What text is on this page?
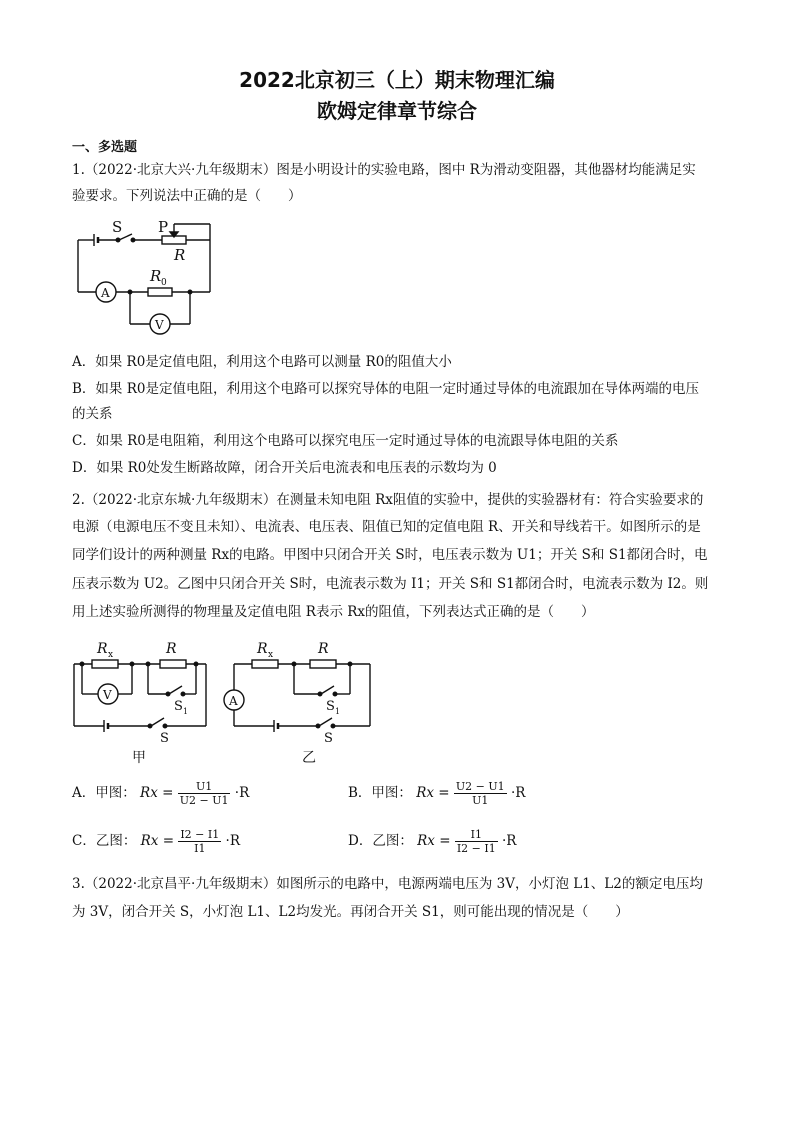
2022北京初三（上）期末物理汇编
欧姆定律章节综合
一、多选题
1.（2022·北京大兴·九年级期末）图是小明设计的实验电路，图中 R为滑动变阻器，其他器材均能满足实
验要求。下列说法中正确的是（　　）
S P
R
R 0
A
V
A．如果 R0是定值电阻，利用这个电路可以测量 R0的阻值大小
B．如果 R0是定值电阻，利用这个电路可以探究导体的电阻一定时通过导体的电流跟加在导体两端的电压
的关系
C．如果 R0是电阻箱，利用这个电路可以探究电压一定时通过导体的电流跟导体电阻的关系
D．如果 R0处发生断路故障，闭合开关后电流表和电压表的示数均为 0
2.（2022·北京东城·九年级期末）在测量未知电阻 Rx阻值的实验中，提供的实验器材有：符合实验要求的
电源（电源电压不变且未知）、电流表、电压表、阻值已知的定值电阻 R、开关和导线若干。如图所示的是
同学们设计的两种测量 Rx的电路。甲图中只闭合开关 S时，电压表示数为 U1；开关 S和 S1都闭合时，电
压表示数为 U2。乙图中只闭合开关 S时，电流表示数为 I1；开关 S和 S1都闭合时，电流表示数为 I2。则
用上述实验所测得的物理量及定值电阻 R表示 Rx的阻值，下列表达式正确的是（　　）
R x	R
V
S 1
S
甲
R x	R
A	S 1
S
乙
A．甲图： $Rx = \frac{U1}{U2 - U1} \cdot R$	B．甲图： $Rx = \frac{U2 - U1}{U1} \cdot R$
C．乙图： $Rx = \frac{I2 - I1}{I1} \cdot R$	D．乙图： $Rx = \frac{I1}{I2 - I1} \cdot R$
3.（2022·北京昌平·九年级期末）如图所示的电路中，电源两端电压为 3V，小灯泡 L1、L2的额定电压均
为 3V，闭合开关 S，小灯泡 L1、L2均发光。再闭合开关 S1，则可能出现的情况是（　　）
